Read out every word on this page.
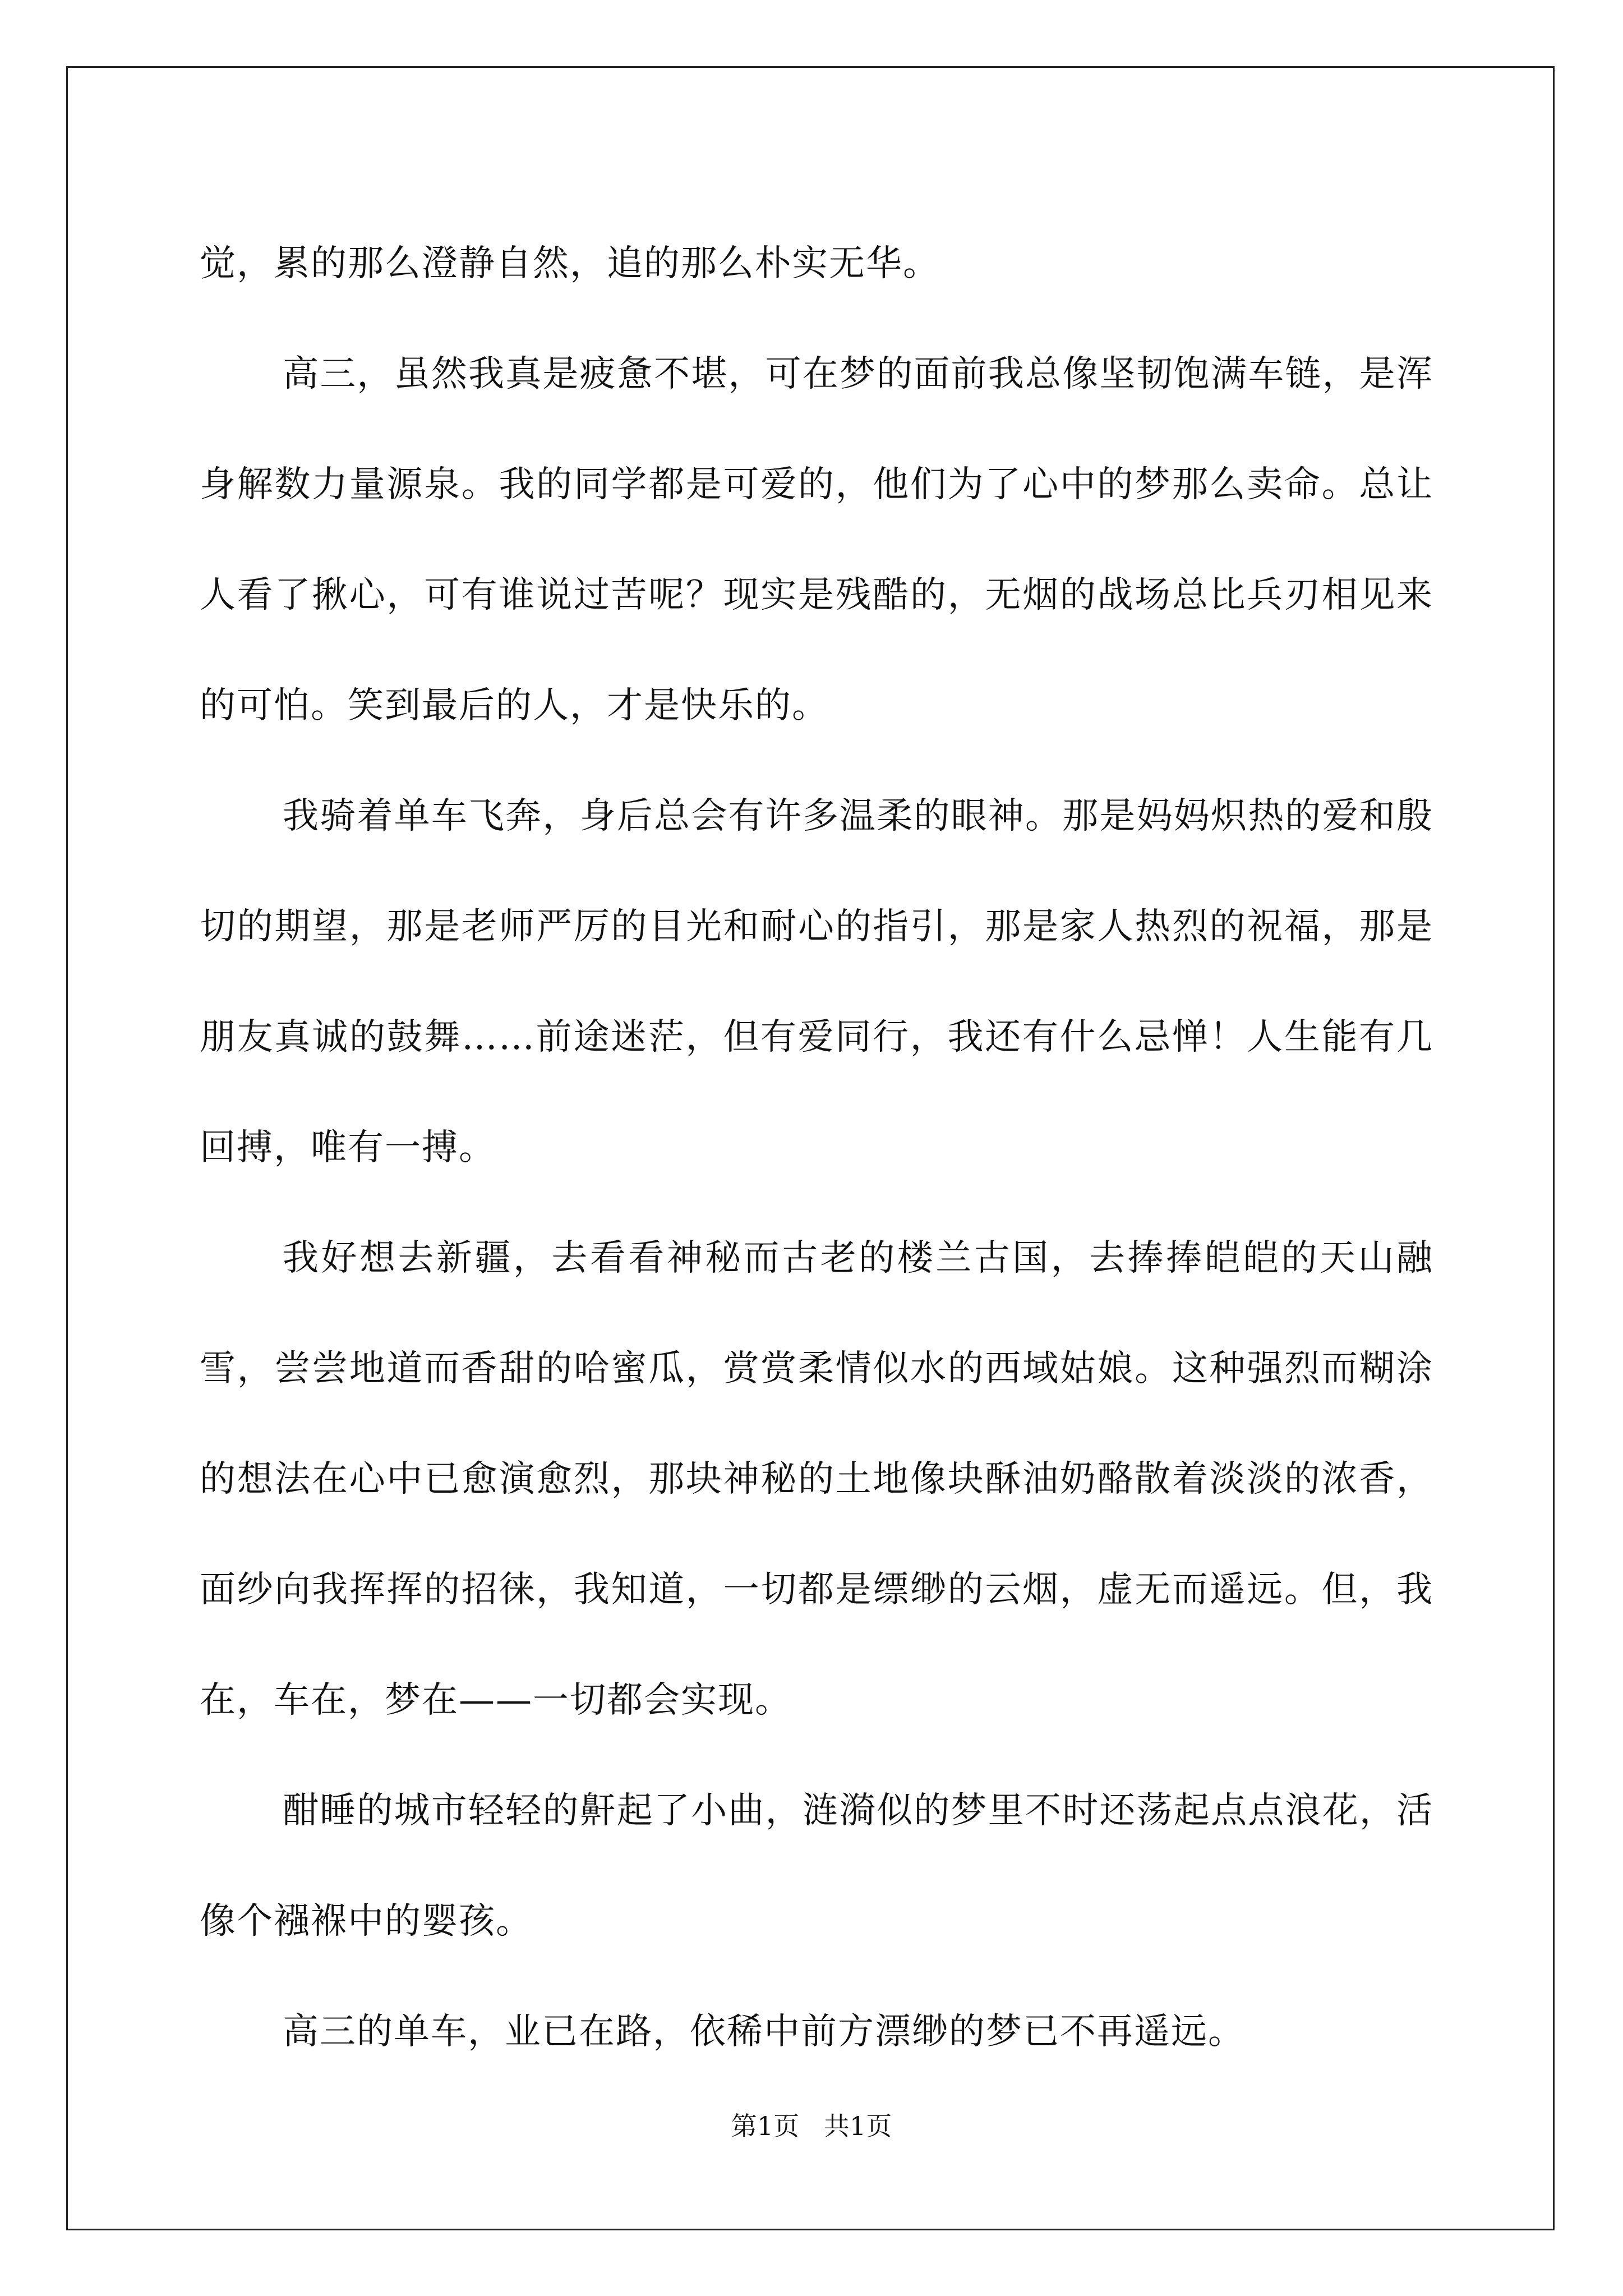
觉，累的那么澄静自然，追的那么朴实无华。

高三，虽然我真是疲惫不堪，可在梦的面前我总像坚韧饱满车链，是浑身解数力量源泉。我的同学都是可爱的，他们为了心中的梦那么卖命。总让人看了揪心，可有谁说过苦呢？现实是残酷的，无烟的战场总比兵刃相见来的可怕。笑到最后的人，才是快乐的。

我骑着单车飞奔，身后总会有许多温柔的眼神。那是妈妈炽热的爱和殷切的期望，那是老师严厉的目光和耐心的指引，那是家人热烈的祝福，那是朋友真诚的鼓舞……前途迷茫，但有爱同行，我还有什么忌惮！人生能有几回搏，唯有一搏。

我好想去新疆，去看看神秘而古老的楼兰古国，去捧捧皑皑的天山融雪，尝尝地道而香甜的哈蜜瓜，赏赏柔情似水的西域姑娘。这种强烈而糊涂的想法在心中已愈演愈烈，那块神秘的土地像块酥油奶酪散着淡淡的浓香，面纱向我挥挥的招徕，我知道，一切都是缥缈的云烟，虚无而遥远。但，我在，车在，梦在——一切都会实现。

酣睡的城市轻轻的鼾起了小曲，涟漪似的梦里不时还荡起点点浪花，活像个襁褓中的婴孩。

高三的单车，业已在路，依稀中前方漂缈的梦已不再遥远。

第1页   共1页
